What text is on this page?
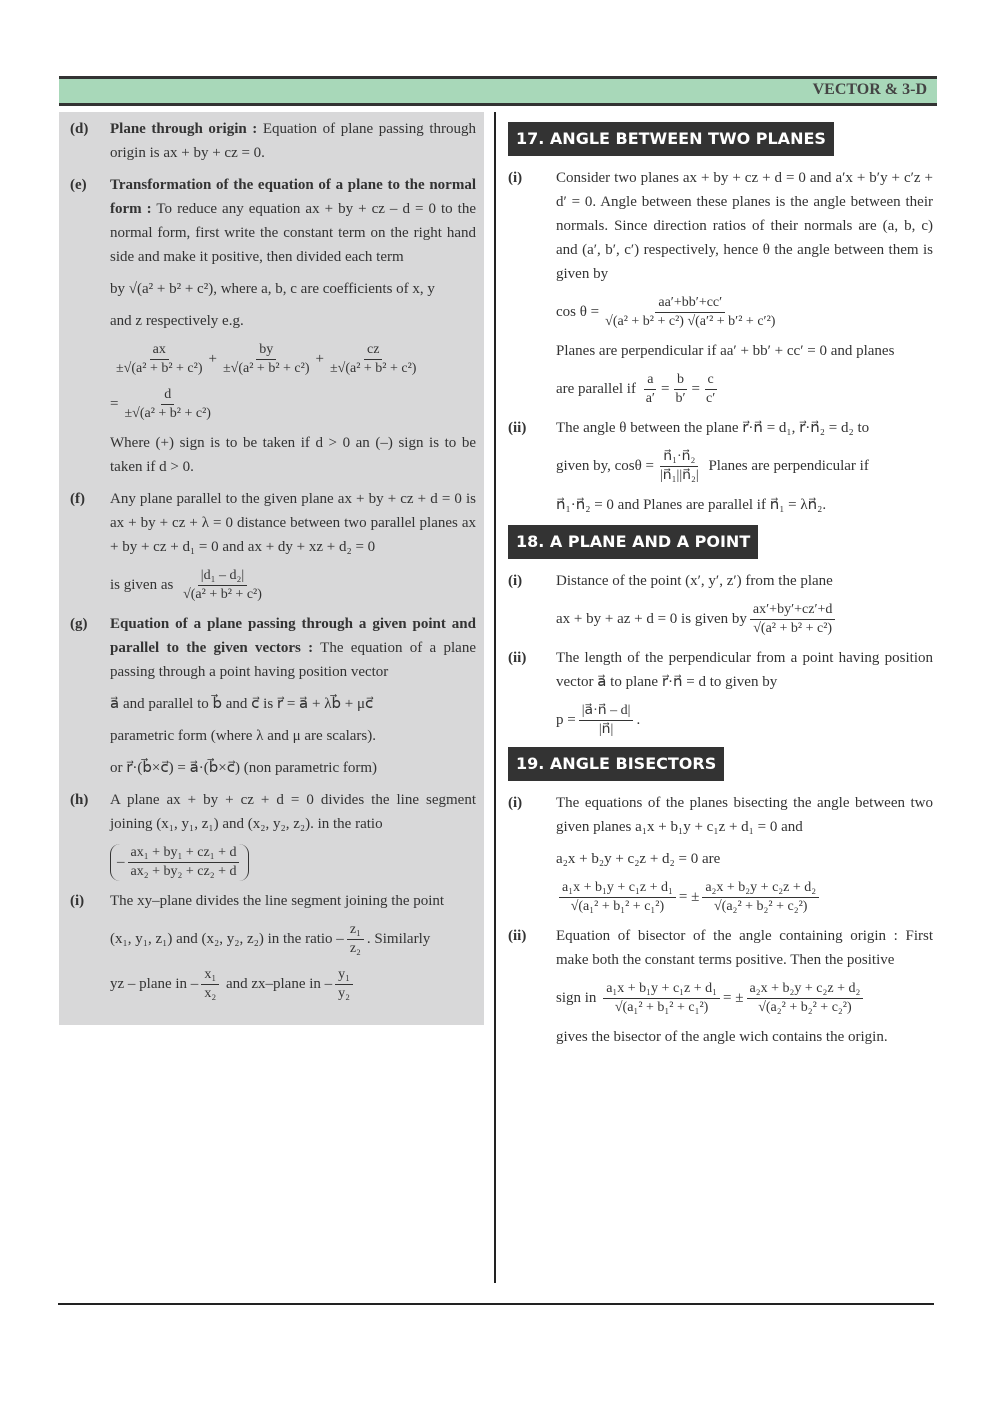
VECTOR & 3-D
(d)	Plane through origin : Equation of plane passing through origin is ax + by + cz = 0.
(e)	Transformation of the equation of a plane to the normal form : To reduce any equation ax + by + cz – d = 0 to the normal form, first write the constant term on the right hand side and make it positive, then divided each term
by √(a² + b² + c²), where a, b, c are coefficients of x, y
and z respectively e.g.
$\frac{ax}{\text{±√(a² + b² + c²)}} + \frac{by}{\text{±√(a² + b² + c²)}} + \frac{cz}{\text{±√(a² + b² + c²)}}$
= $\frac{d}{\text{±√(a² + b² + c²)}}$
Where (+) sign is to be taken if d > 0 an (–) sign is to be taken if d > 0.
(f)	Any plane parallel to the given plane ax + by + cz + d = 0 is ax + by + cz + λ = 0 distance between two parallel planes ax + by + cz + d₁ = 0 and ax + dy + xz + d₂ = 0
is given as $\frac{\text{|d₁ – d₂|}}{\text{√(a² + b² + c²)}}$
(g)	Equation of a plane passing through a given point and parallel to the given vectors : The equation of a plane passing through a point having position vector
a⃗ and parallel to b⃗ and c⃗ is r⃗ = a⃗ + λb⃗ + μc⃗
parametric form (where λ and μ are scalars).
or r⃗·(b⃗×c⃗) = a⃗·(b⃗×c⃗) (non parametric form)
(h)	A plane ax + by + cz + d = 0 divides the line segment joining (x₁, y₁, z₁) and (x₂, y₂, z₂). in the ratio
– $\frac{\text{ax₁ + by₁ + cz₁ + d}}{\text{ax₂ + by₂ + cz₂ + d}}$
(i)	The xy–plane divides the line segment joining the point
(x₁, y₁, z₁) and (x₂, y₂, z₂) in the ratio – $\frac{\text{z₁}}{\text{z₂}}$ . Similarly
yz – plane in – $\frac{\text{x₁}}{\text{x₂}}$ and zx–plane in – $\frac{\text{y₁}}{\text{y₂}}$
17. ANGLE BETWEEN TWO PLANES
(i)	Consider two planes ax + by + cz + d = 0 and a′x + b′y + c′z + d′ = 0. Angle between these planes is the angle between their normals. Since direction ratios of their normals are (a, b, c) and (a′, b′, c′) respectively, hence θ the angle between them is given by
$\cos \theta = \frac{aa'+bb'+cc'}{\text{√(a² + b² + c²) √(a′² + b′² + c′²)}}$
Planes are perpendicular if aa′ + bb′ + cc′ = 0 and planes
are parallel if $\frac{a}{a'} = \frac{b}{b'} = \frac{c}{c'}$
(ii)	The angle θ between the plane r⃗·n⃗ = d₁, r⃗·n⃗₂ = d₂ to
given by, $\cos\theta = \frac{\text{n⃗₁·n⃗₂}}{\text{|n⃗₁||n⃗₂|}}$ Planes are perpendicular if
n⃗₁·n⃗₂ = 0 and Planes are parallel if n⃗₁ = λn⃗₂.
18. A PLANE AND A POINT
(i)	Distance of the point (x′, y′, z′) from the plane
ax + by + az + d = 0 is given by $\frac{ax'+by'+cz'+d}{\text{√(a² + b² + c²)}}$
(ii)	The length of the perpendicular from a point having position vector a⃗ to plane r⃗·n⃗ = d to given by
$p = \frac{|a⃗\cdot n⃗ - d|}{|n⃗|}$ .
19. ANGLE BISECTORS
(i)	The equations of the planes bisecting the angle between two given planes a₁x + b₁y + c₁z + d₁ = 0 and
a₂x + b₂y + c₂z + d₂ = 0 are
$\frac{\text{a₁x + b₁y + c₁z + d₁}}{\text{√(a₁² + b₁² + c₁²)}}$ = ± $\frac{\text{a₂x + b₂y + c₂z + d₂}}{\text{√(a₂² + b₂² + c₂²)}}$
(ii)	Equation of bisector of the angle containing origin : First make both the constant terms positive. Then the positive
sign in $\frac{\text{a₁x + b₁y + c₁z + d₁}}{\text{√(a₁² + b₁² + c₁²)}}$ = ± $\frac{\text{a₂x + b₂y + c₂z + d₂}}{\text{√(a₂² + b₂² + c₂²)}}$
gives the bisector of the angle wich contains the origin.
